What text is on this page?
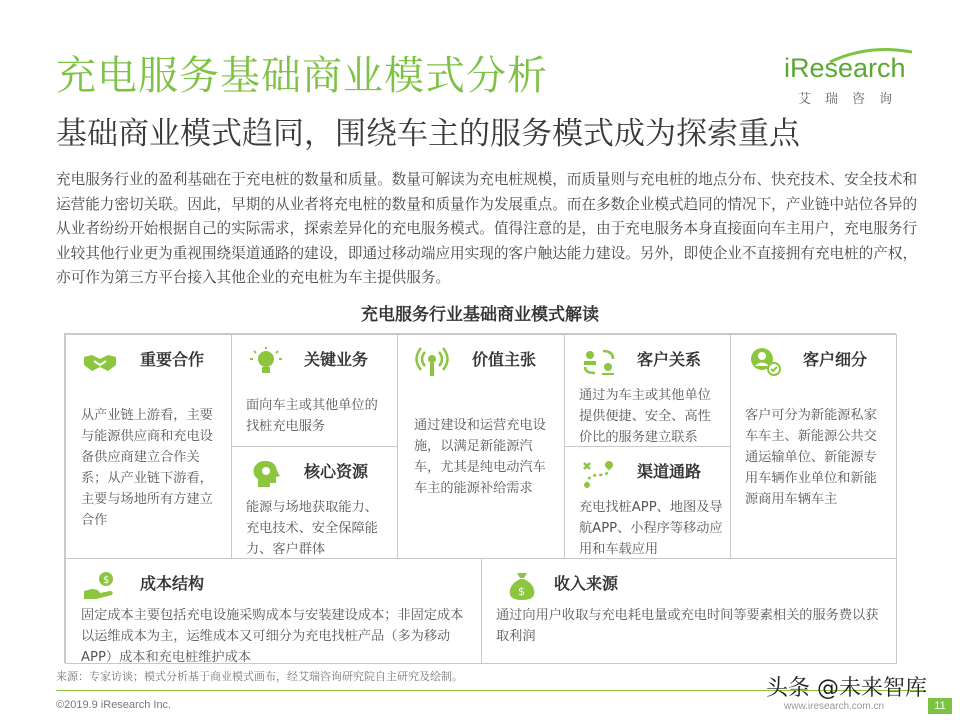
充电服务基础商业模式分析
基础商业模式趋同，围绕车主的服务模式成为探索重点
iResearch
艾瑞咨询
充电服务行业的盈利基础在于充电桩的数量和质量。数量可解读为充电桩规模，而质量则与充电桩的地点分布、快充技术、安全技术和运营能力密切关联。因此，早期的从业者将充电桩的数量和质量作为发展重点。而在多数企业模式趋同的情况下，产业链中站位各异的从业者纷纷开始根据自己的实际需求，探索差异化的充电服务模式。值得注意的是，由于充电服务本身直接面向车主用户，充电服务行业较其他行业更为重视围绕渠道通路的建设，即通过移动端应用实现的客户触达能力建设。另外，即使企业不直接拥有充电桩的产权，亦可作为第三方平台接入其他企业的充电桩为车主提供服务。
充电服务行业基础商业模式解读
重要合作
从产业链上游看，主要与能源供应商和充电设备供应商建立合作关系；从产业链下游看，主要与场地所有方建立合作
关键业务
面向车主或其他单位的找桩充电服务
核心资源
能源与场地获取能力、充电技术、安全保障能力、客户群体
价值主张
通过建设和运营充电设施，以满足新能源汽车，尤其是纯电动汽车车主的能源补给需求
客户关系
通过为车主或其他单位提供便捷、安全、高性价比的服务建立联系
渠道通路
充电找桩APP、地图及导航APP、小程序等移动应用和车载应用
客户细分
客户可分为新能源私家车车主、新能源公共交通运输单位、新能源专用车辆作业单位和新能源商用车辆车主
$ 成本结构
固定成本主要包括充电设施采购成本与安装建设成本；非固定成本以运维成本为主，运维成本又可细分为充电找桩产品（多为移动APP）成本和充电桩维护成本
$ 收入来源
通过向用户收取与充电耗电量或充电时间等要素相关的服务费以获取利润
来源：专家访谈；模式分析基于商业模式画布，经艾瑞咨询研究院自主研究及绘制。
©2019.9 iResearch Inc.
头条 @未来智库
www.iresearch.com.cn	11
